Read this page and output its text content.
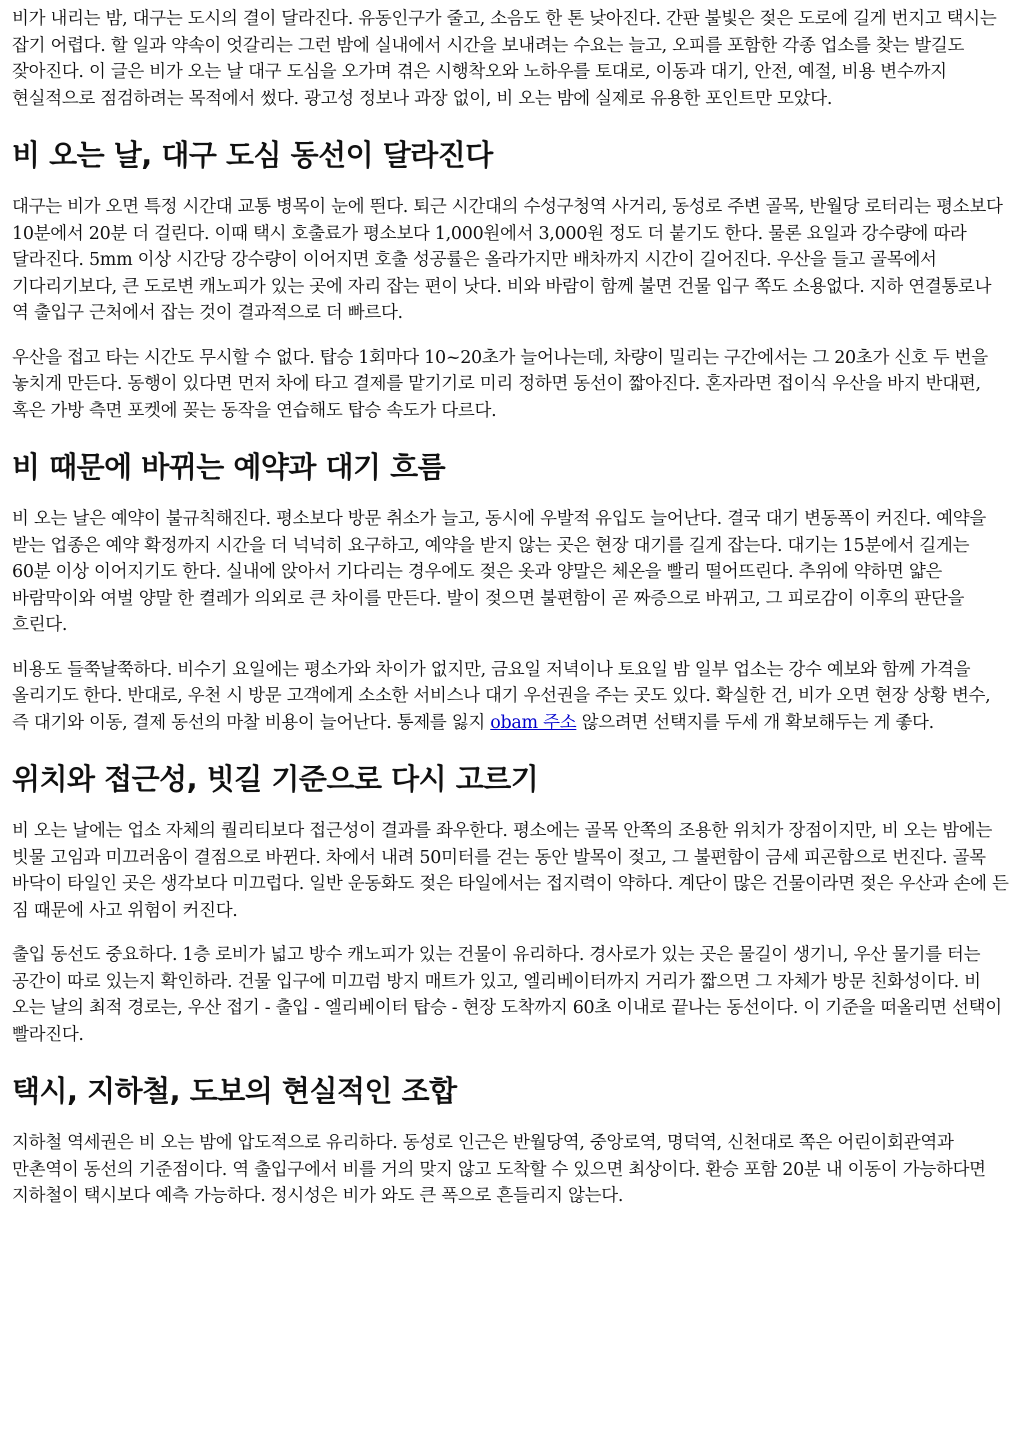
비가 내리는 밤, 대구는 도시의 결이 달라진다. 유동인구가 줄고, 소음도 한 톤 낮아진다. 간판 불빛은 젖은 도로에 길게 번지고 택시는 잡기 어렵다. 할 일과 약속이 엇갈리는 그런 밤에 실내에서 시간을 보내려는 수요는 늘고, 오피를 포함한 각종 업소를 찾는 발길도 잦아진다. 이 글은 비가 오는 날 대구 도심을 오가며 겪은 시행착오와 노하우를 토대로, 이동과 대기, 안전, 예절, 비용 변수까지 현실적으로 점검하려는 목적에서 썼다. 광고성 정보나 과장 없이, 비 오는 밤에 실제로 유용한 포인트만 모았다.

비 오는 날, 대구 도심 동선이 달라진다

대구는 비가 오면 특정 시간대 교통 병목이 눈에 띈다. 퇴근 시간대의 수성구청역 사거리, 동성로 주변 골목, 반월당 로터리는 평소보다 10분에서 20분 더 걸린다. 이때 택시 호출료가 평소보다 1,000원에서 3,000원 정도 더 붙기도 한다. 물론 요일과 강수량에 따라 달라진다. 5mm 이상 시간당 강수량이 이어지면 호출 성공률은 올라가지만 배차까지 시간이 길어진다. 우산을 들고 골목에서 기다리기보다, 큰 도로변 캐노피가 있는 곳에 자리 잡는 편이 낫다. 비와 바람이 함께 불면 건물 입구 쪽도 소용없다. 지하 연결통로나 역 출입구 근처에서 잡는 것이 결과적으로 더 빠르다.

우산을 접고 타는 시간도 무시할 수 없다. 탑승 1회마다 10~20초가 늘어나는데, 차량이 밀리는 구간에서는 그 20초가 신호 두 번을 놓치게 만든다. 동행이 있다면 먼저 차에 타고 결제를 맡기기로 미리 정하면 동선이 짧아진다. 혼자라면 접이식 우산을 바지 반대편, 혹은 가방 측면 포켓에 꽂는 동작을 연습해도 탑승 속도가 다르다.

비 때문에 바뀌는 예약과 대기 흐름

비 오는 날은 예약이 불규칙해진다. 평소보다 방문 취소가 늘고, 동시에 우발적 유입도 늘어난다. 결국 대기 변동폭이 커진다. 예약을 받는 업종은 예약 확정까지 시간을 더 넉넉히 요구하고, 예약을 받지 않는 곳은 현장 대기를 길게 잡는다. 대기는 15분에서 길게는 60분 이상 이어지기도 한다. 실내에 앉아서 기다리는 경우에도 젖은 옷과 양말은 체온을 빨리 떨어뜨린다. 추위에 약하면 얇은 바람막이와 여벌 양말 한 켤레가 의외로 큰 차이를 만든다. 발이 젖으면 불편함이 곧 짜증으로 바뀌고, 그 피로감이 이후의 판단을 흐린다.

비용도 들쭉날쭉하다. 비수기 요일에는 평소가와 차이가 없지만, 금요일 저녁이나 토요일 밤 일부 업소는 강수 예보와 함께 가격을 올리기도 한다. 반대로, 우천 시 방문 고객에게 소소한 서비스나 대기 우선권을 주는 곳도 있다. 확실한 건, 비가 오면 현장 상황 변수, 즉 대기와 이동, 결제 동선의 마찰 비용이 늘어난다. 통제를 잃지 obam 주소 않으려면 선택지를 두세 개 확보해두는 게 좋다.

위치와 접근성, 빗길 기준으로 다시 고르기

비 오는 날에는 업소 자체의 퀄리티보다 접근성이 결과를 좌우한다. 평소에는 골목 안쪽의 조용한 위치가 장점이지만, 비 오는 밤에는 빗물 고임과 미끄러움이 결점으로 바뀐다. 차에서 내려 50미터를 걷는 동안 발목이 젖고, 그 불편함이 금세 피곤함으로 번진다. 골목 바닥이 타일인 곳은 생각보다 미끄럽다. 일반 운동화도 젖은 타일에서는 접지력이 약하다. 계단이 많은 건물이라면 젖은 우산과 손에 든 짐 때문에 사고 위험이 커진다.

출입 동선도 중요하다. 1층 로비가 넓고 방수 캐노피가 있는 건물이 유리하다. 경사로가 있는 곳은 물길이 생기니, 우산 물기를 터는 공간이 따로 있는지 확인하라. 건물 입구에 미끄럼 방지 매트가 있고, 엘리베이터까지 거리가 짧으면 그 자체가 방문 친화성이다. 비 오는 날의 최적 경로는, 우산 접기 - 출입 - 엘리베이터 탑승 - 현장 도착까지 60초 이내로 끝나는 동선이다. 이 기준을 떠올리면 선택이 빨라진다.

택시, 지하철, 도보의 현실적인 조합

지하철 역세권은 비 오는 밤에 압도적으로 유리하다. 동성로 인근은 반월당역, 중앙로역, 명덕역, 신천대로 쪽은 어린이회관역과 만촌역이 동선의 기준점이다. 역 출입구에서 비를 거의 맞지 않고 도착할 수 있으면 최상이다. 환승 포함 20분 내 이동이 가능하다면 지하철이 택시보다 예측 가능하다. 정시성은 비가 와도 큰 폭으로 흔들리지 않는다.
